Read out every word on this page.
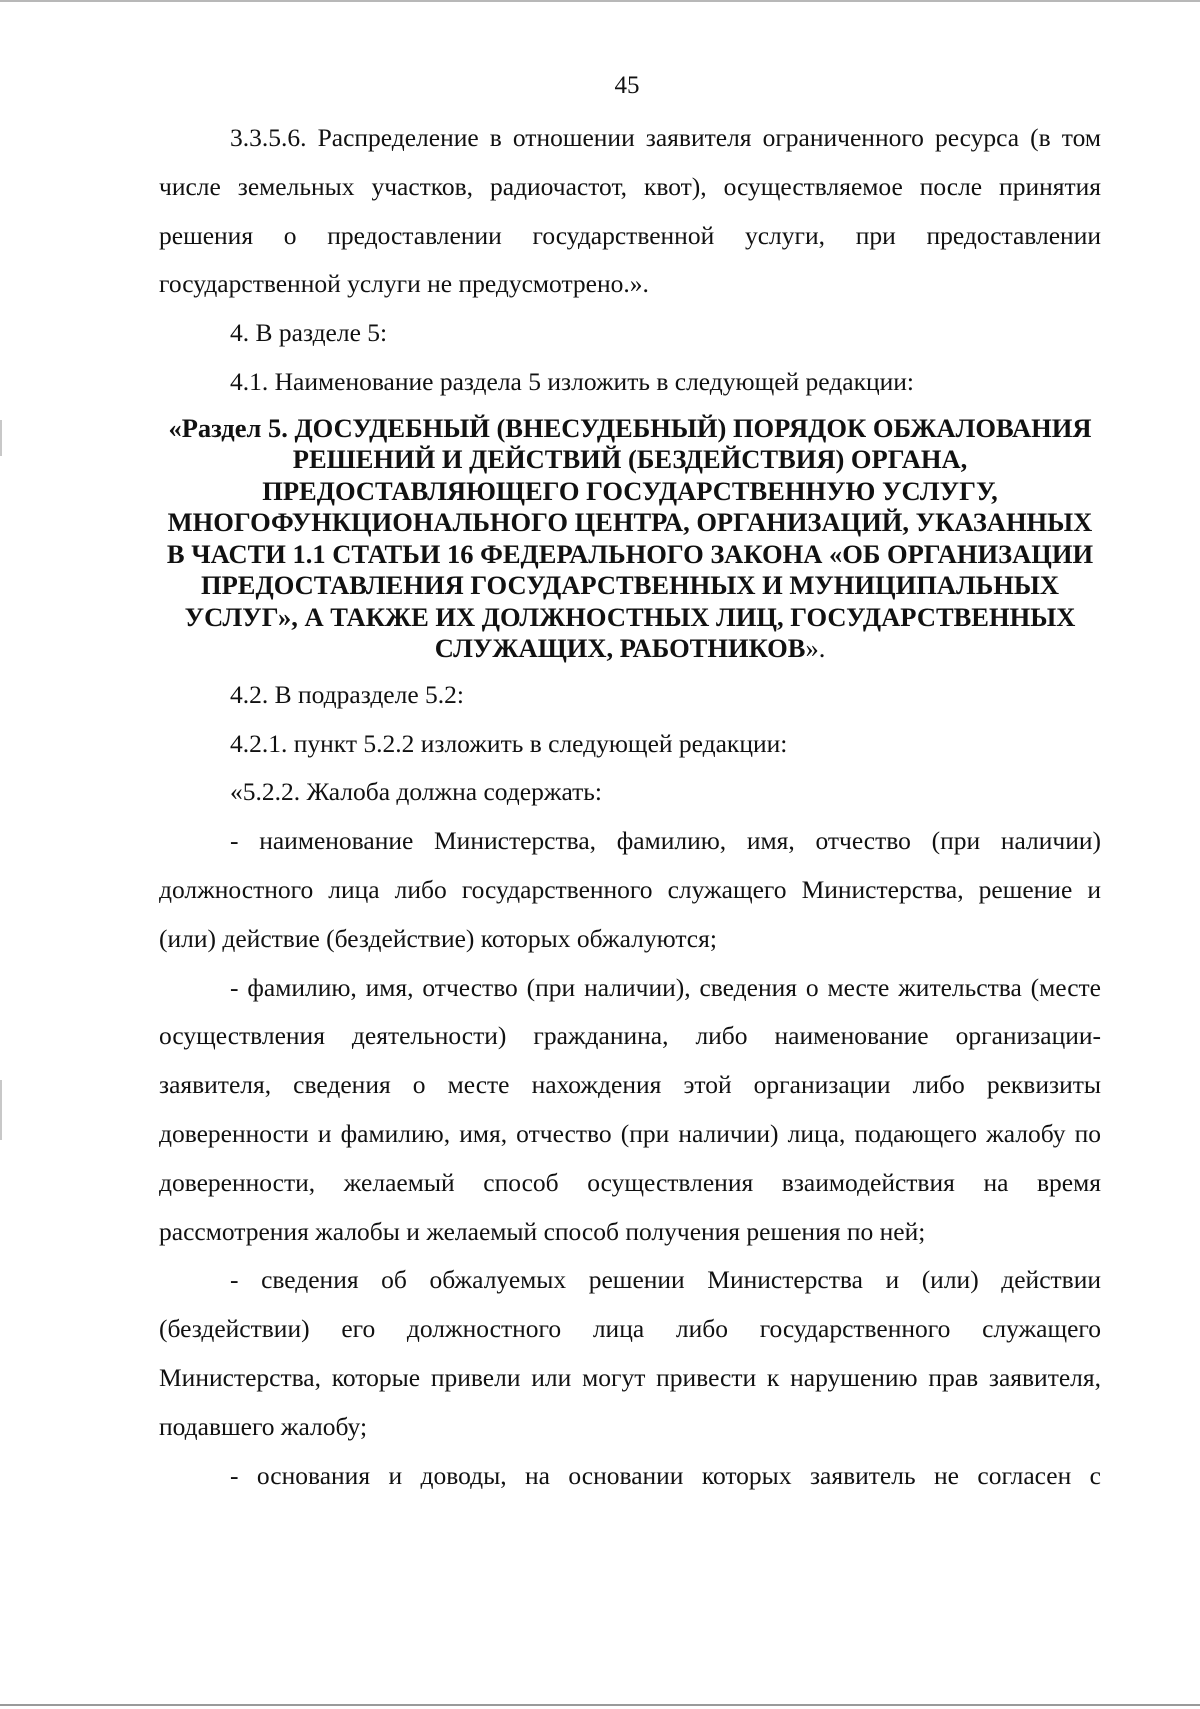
45

3.3.5.6. Распределение в отношении заявителя ограниченного ресурса (в том числе земельных участков, радиочастот, квот), осуществляемое после принятия решения о предоставлении государственной услуги, при предоставлении государственной услуги не предусмотрено.».

4. В разделе 5:

4.1. Наименование раздела 5 изложить в следующей редакции:

«Раздел 5. ДОСУДЕБНЫЙ (ВНЕСУДЕБНЫЙ) ПОРЯДОК ОБЖАЛОВАНИЯ РЕШЕНИЙ И ДЕЙСТВИЙ (БЕЗДЕЙСТВИЯ) ОРГАНА, ПРЕДОСТАВЛЯЮЩЕГО ГОСУДАРСТВЕННУЮ УСЛУГУ, МНОГОФУНКЦИОНАЛЬНОГО ЦЕНТРА, ОРГАНИЗАЦИЙ, УКАЗАННЫХ В ЧАСТИ 1.1 СТАТЬИ 16 ФЕДЕРАЛЬНОГО ЗАКОНА «ОБ ОРГАНИЗАЦИИ ПРЕДОСТАВЛЕНИЯ ГОСУДАРСТВЕННЫХ И МУНИЦИПАЛЬНЫХ УСЛУГ», А ТАКЖЕ ИХ ДОЛЖНОСТНЫХ ЛИЦ, ГОСУДАРСТВЕННЫХ СЛУЖАЩИХ, РАБОТНИКОВ».

4.2. В подразделе 5.2:

4.2.1. пункт 5.2.2 изложить в следующей редакции:

«5.2.2. Жалоба должна содержать:

- наименование Министерства, фамилию, имя, отчество (при наличии) должностного лица либо государственного служащего Министерства, решение и (или) действие (бездействие) которых обжалуются;

- фамилию, имя, отчество (при наличии), сведения о месте жительства (месте осуществления деятельности) гражданина, либо наименование организации-заявителя, сведения о месте нахождения этой организации либо реквизиты доверенности и фамилию, имя, отчество (при наличии) лица, подающего жалобу по доверенности, желаемый способ осуществления взаимодействия на время рассмотрения жалобы и желаемый способ получения решения по ней;

- сведения об обжалуемых решении Министерства и (или) действии (бездействии) его должностного лица либо государственного служащего Министерства, которые привели или могут привести к нарушению прав заявителя, подавшего жалобу;

- основания и доводы, на основании которых заявитель не согласен с
